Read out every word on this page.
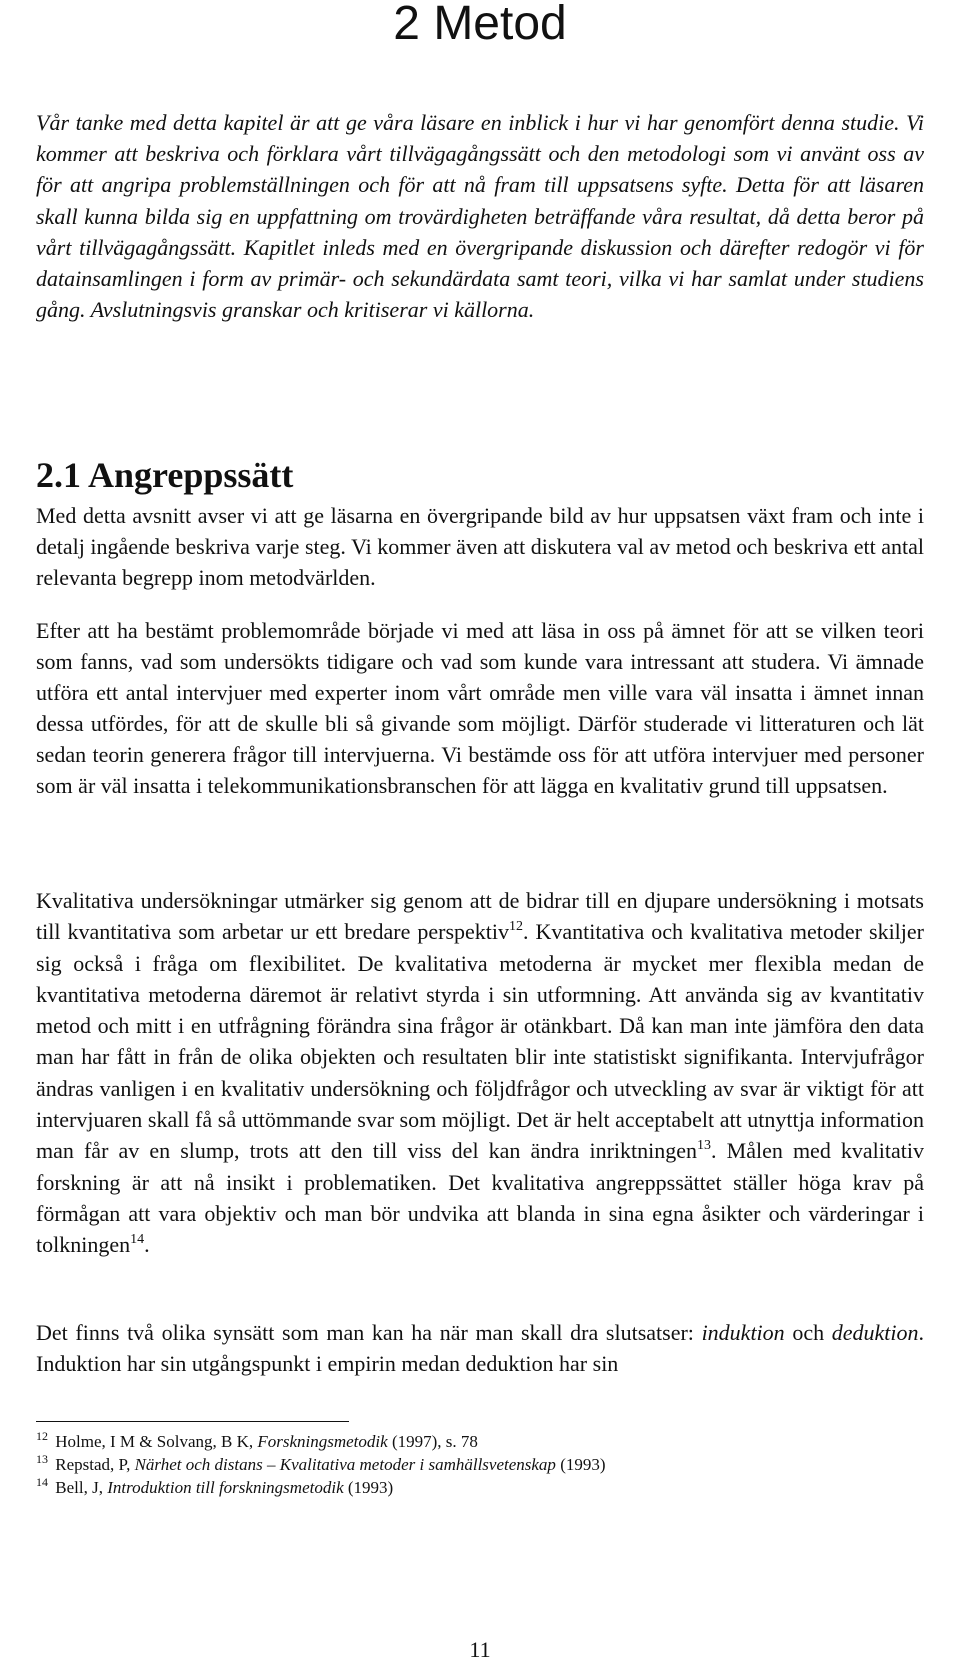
2 Metod

Vår tanke med detta kapitel är att ge våra läsare en inblick i hur vi har genomfört denna studie. Vi kommer att beskriva och förklara vårt tillvägagångssätt och den metodologi som vi använt oss av för att angripa problemställningen och för att nå fram till uppsatsens syfte. Detta för att läsaren skall kunna bilda sig en uppfattning om trovärdigheten beträffande våra resultat, då detta beror på vårt tillvägagångssätt. Kapitlet inleds med en övergripande diskussion och därefter redogör vi för datainsamlingen i form av primär- och sekundärdata samt teori, vilka vi har samlat under studiens gång. Avslutningsvis granskar och kritiserar vi källorna.

2.1 Angreppssätt

Med detta avsnitt avser vi att ge läsarna en övergripande bild av hur uppsatsen växt fram och inte i detalj ingående beskriva varje steg. Vi kommer även att diskutera val av metod och beskriva ett antal relevanta begrepp inom metodvärlden.

Efter att ha bestämt problemområde började vi med att läsa in oss på ämnet för att se vilken teori som fanns, vad som undersökts tidigare och vad som kunde vara intressant att studera. Vi ämnade utföra ett antal intervjuer med experter inom vårt område men ville vara väl insatta i ämnet innan dessa utfördes, för att de skulle bli så givande som möjligt. Därför studerade vi litteraturen och lät sedan teorin generera frågor till intervjuerna. Vi bestämde oss för att utföra intervjuer med personer som är väl insatta i telekommunikationsbranschen för att lägga en kvalitativ grund till uppsatsen.

Kvalitativa undersökningar utmärker sig genom att de bidrar till en djupare undersökning i motsats till kvantitativa som arbetar ur ett bredare perspektiv$^{12}$. Kvantitativa och kvalitativa metoder skiljer sig också i fråga om flexibilitet. De kvalitativa metoderna är mycket mer flexibla medan de kvantitativa metoderna däremot är relativt styrda i sin utformning. Att använda sig av kvantitativ metod och mitt i en utfrågning förändra sina frågor är otänkbart. Då kan man inte jämföra den data man har fått in från de olika objekten och resultaten blir inte statistiskt signifikanta. Intervjufrågor ändras vanligen i en kvalitativ undersökning och följdfrågor och utveckling av svar är viktigt för att intervjuaren skall få så uttömmande svar som möjligt. Det är helt acceptabelt att utnyttja information man får av en slump, trots att den till viss del kan ändra inriktningen$^{13}$. Målen med kvalitativ forskning är att nå insikt i problematiken. Det kvalitativa angreppssättet ställer höga krav på förmågan att vara objektiv och man bör undvika att blanda in sina egna åsikter och värderingar i tolkningen$^{14}$.

Det finns två olika synsätt som man kan ha när man skall dra slutsatser: induktion och deduktion. Induktion har sin utgångspunkt i empirin medan deduktion har sin

$^{12}$ Holme, I M & Solvang, B K, Forskningsmetodik (1997), s. 78
$^{13}$ Repstad, P, Närhet och distans – Kvalitativa metoder i samhällsvetenskap (1993)
$^{14}$ Bell, J, Introduktion till forskningsmetodik (1993)
11
